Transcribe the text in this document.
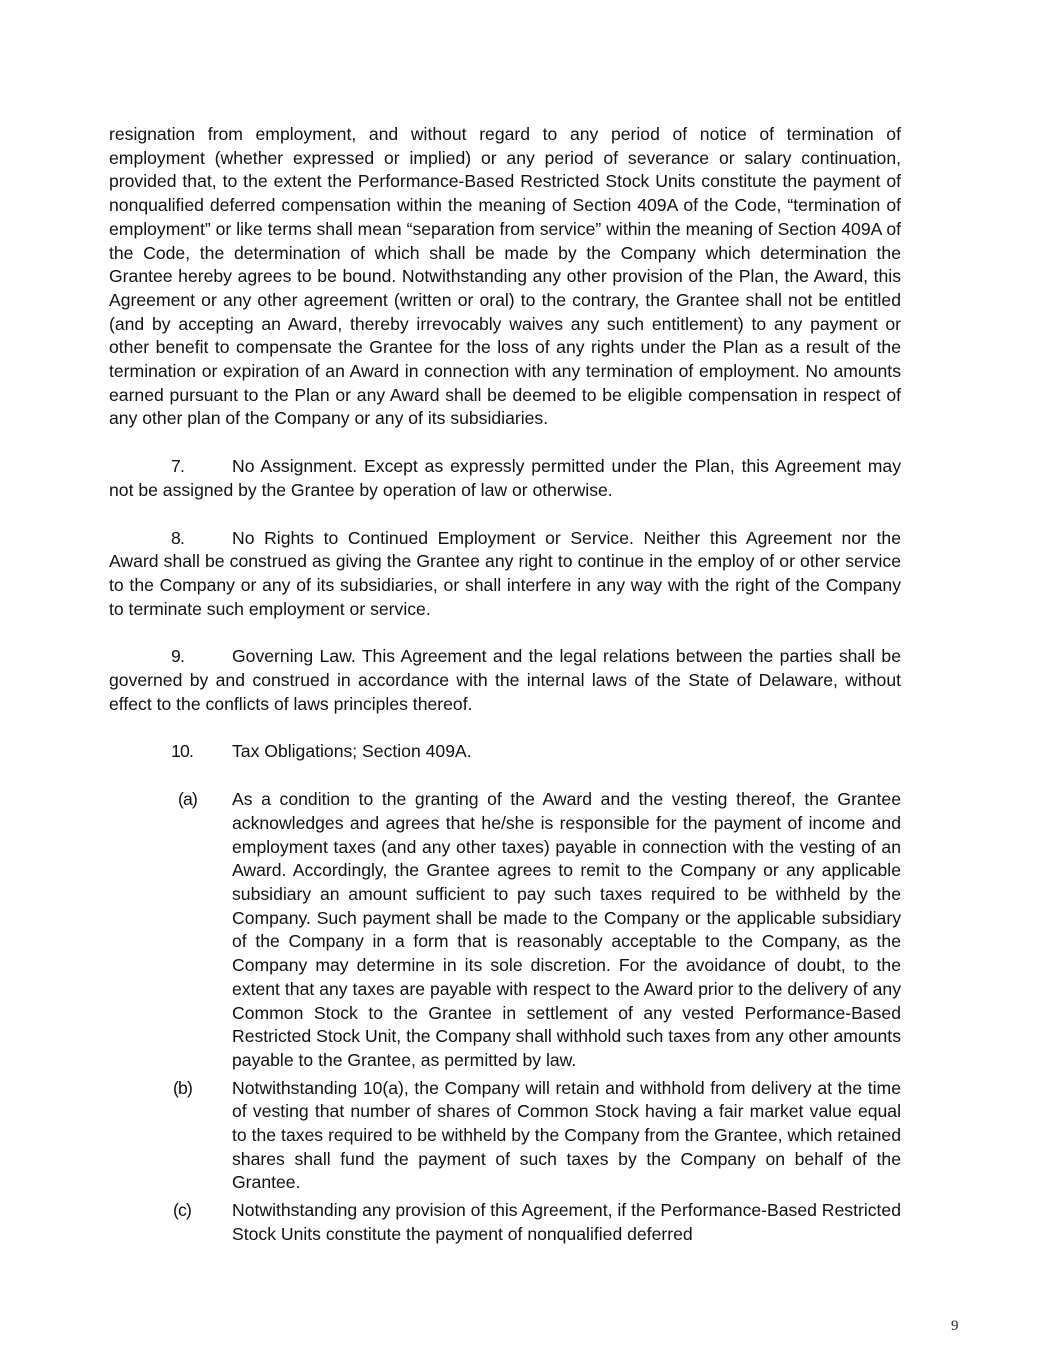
resignation from employment, and without regard to any period of notice of termination of employment (whether expressed or implied) or any period of severance or salary continuation, provided that, to the extent the Performance-Based Restricted Stock Units constitute the payment of nonqualified deferred compensation within the meaning of Section 409A of the Code, “termination of employment” or like terms shall mean “separation from service” within the meaning of Section 409A of the Code, the determination of which shall be made by the Company which determination the Grantee hereby agrees to be bound. Notwithstanding any other provision of the Plan, the Award, this Agreement or any other agreement (written or oral) to the contrary, the Grantee shall not be entitled (and by accepting an Award, thereby irrevocably waives any such entitlement) to any payment or other benefit to compensate the Grantee for the loss of any rights under the Plan as a result of the termination or expiration of an Award in connection with any termination of employment. No amounts earned pursuant to the Plan or any Award shall be deemed to be eligible compensation in respect of any other plan of the Company or any of its subsidiaries.

7.	No Assignment. Except as expressly permitted under the Plan, this Agreement may not be assigned by the Grantee by operation of law or otherwise.

8.	No Rights to Continued Employment or Service. Neither this Agreement nor the Award shall be construed as giving the Grantee any right to continue in the employ of or other service to the Company or any of its subsidiaries, or shall interfere in any way with the right of the Company to terminate such employment or service.

9.	Governing Law. This Agreement and the legal relations between the parties shall be governed by and construed in accordance with the internal laws of the State of Delaware, without effect to the conflicts of laws principles thereof.

10. Tax Obligations; Section 409A.

(a) As a condition to the granting of the Award and the vesting thereof, the Grantee acknowledges and agrees that he/she is responsible for the payment of income and employment taxes (and any other taxes) payable in connection with the vesting of an Award. Accordingly, the Grantee agrees to remit to the Company or any applicable subsidiary an amount sufficient to pay such taxes required to be withheld by the Company. Such payment shall be made to the Company or the applicable subsidiary of the Company in a form that is reasonably acceptable to the Company, as the Company may determine in its sole discretion. For the avoidance of doubt, to the extent that any taxes are payable with respect to the Award prior to the delivery of any Common Stock to the Grantee in settlement of any vested Performance-Based Restricted Stock Unit, the Company shall withhold such taxes from any other amounts payable to the Grantee, as permitted by law.

(b) Notwithstanding 10(a), the Company will retain and withhold from delivery at the time of vesting that number of shares of Common Stock having a fair market value equal to the taxes required to be withheld by the Company from the Grantee, which retained shares shall fund the payment of such taxes by the Company on behalf of the Grantee.

(c) Notwithstanding any provision of this Agreement, if the Performance-Based Restricted Stock Units constitute the payment of nonqualified deferred

9
